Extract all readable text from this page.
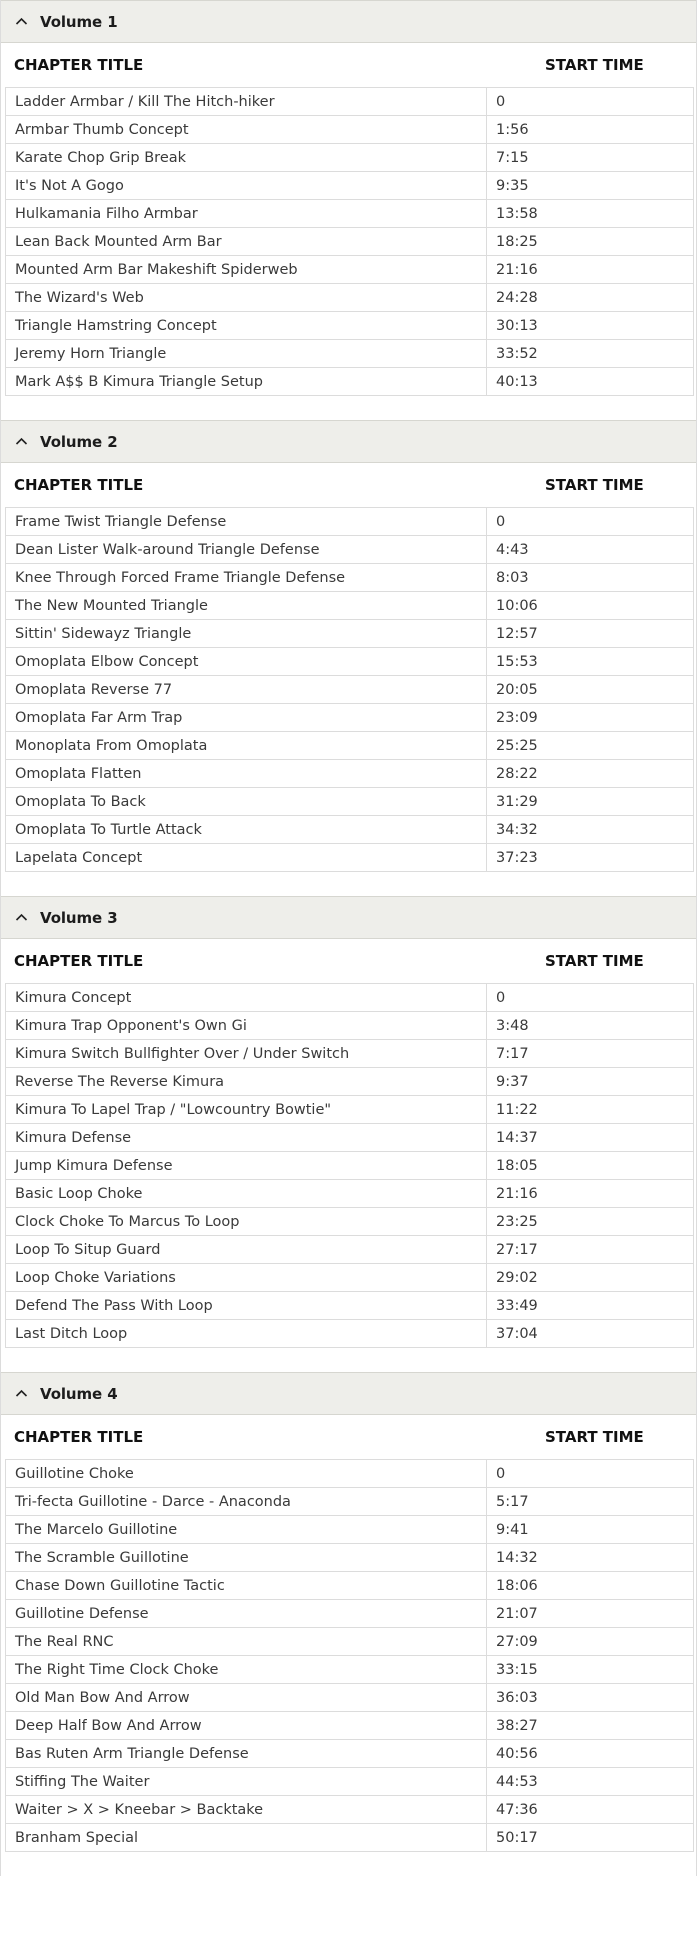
Volume 1
CHAPTER TITLE	START TIME
Ladder Armbar / Kill The Hitch-hiker	0
Armbar Thumb Concept	1:56
Karate Chop Grip Break	7:15
It's Not A Gogo	9:35
Hulkamania Filho Armbar	13:58
Lean Back Mounted Arm Bar	18:25
Mounted Arm Bar Makeshift Spiderweb	21:16
The Wizard's Web	24:28
Triangle Hamstring Concept	30:13
Jeremy Horn Triangle	33:52
Mark A$$ B Kimura Triangle Setup	40:13
Volume 2
CHAPTER TITLE	START TIME
Frame Twist Triangle Defense	0
Dean Lister Walk-around Triangle Defense	4:43
Knee Through Forced Frame Triangle Defense	8:03
The New Mounted Triangle	10:06
Sittin' Sidewayz Triangle	12:57
Omoplata Elbow Concept	15:53
Omoplata Reverse 77	20:05
Omoplata Far Arm Trap	23:09
Monoplata From Omoplata	25:25
Omoplata Flatten	28:22
Omoplata To Back	31:29
Omoplata To Turtle Attack	34:32
Lapelata Concept	37:23
Volume 3
CHAPTER TITLE	START TIME
Kimura Concept	0
Kimura Trap Opponent's Own Gi	3:48
Kimura Switch Bullfighter Over / Under Switch	7:17
Reverse The Reverse Kimura	9:37
Kimura To Lapel Trap / "Lowcountry Bowtie"	11:22
Kimura Defense	14:37
Jump Kimura Defense	18:05
Basic Loop Choke	21:16
Clock Choke To Marcus To Loop	23:25
Loop To Situp Guard	27:17
Loop Choke Variations	29:02
Defend The Pass With Loop	33:49
Last Ditch Loop	37:04
Volume 4
CHAPTER TITLE	START TIME
Guillotine Choke	0
Tri-fecta Guillotine - Darce - Anaconda	5:17
The Marcelo Guillotine	9:41
The Scramble Guillotine	14:32
Chase Down Guillotine Tactic	18:06
Guillotine Defense	21:07
The Real RNC	27:09
The Right Time Clock Choke	33:15
Old Man Bow And Arrow	36:03
Deep Half Bow And Arrow	38:27
Bas Ruten Arm Triangle Defense	40:56
Stiffing The Waiter	44:53
Waiter > X > Kneebar > Backtake	47:36
Branham Special	50:17
